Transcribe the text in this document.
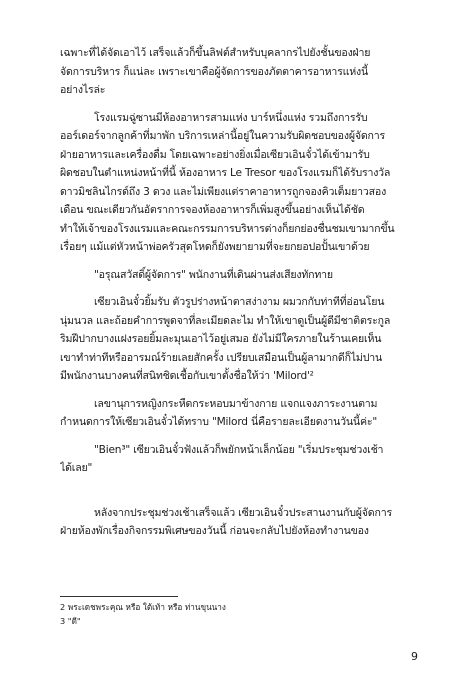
เฉพาะที่ได้จัดเอาไว้ เสร็จแล้วก็ขึ้นลิฟต์สำหรับบุคลากรไปยังชั้นของฝ่าย
จัดการบริหาร ก็แน่ละ เพราะเขาคือผู้จัดการของภัตตาคารอาหารแห่งนี้
อย่างไรล่ะ
โรงแรมฉู่ซานมีห้องอาหารสามแห่ง บาร์หนึ่งแห่ง รวมถึงการรับ
ออร์เดอร์จากลูกค้าที่มาพัก บริการเหล่านี้อยู่ในความรับผิดชอบของผู้จัดการ
ฝ่ายอาหารและเครื่องดื่ม โดยเฉพาะอย่างยิ่งเมื่อเซียวเอินจั๋วได้เข้ามารับ
ผิดชอบในตำแหน่งหน้าที่นี้ ห้องอาหาร Le Tresor ของโรงแรมก็ได้รับรางวัล
ดาวมิชลินไกรด์ถึง 3 ดวง และไม่เพียงแต่ราคาอาหารถูกจองคิวเต็มยาวสอง
เดือน ขณะเดียวกันอัตราการจองห้องอาหารก็เพิ่มสูงขึ้นอย่างเห็นได้ชัด
ทำให้เจ้าของโรงแรมและคณะกรรมการบริหารต่างก็ยกย่องชื่นชมเขามากขึ้น
เรื่อยๆ แม้แต่หัวหน้าพ่อครัวสุดโหดก็ยังพยายามที่จะยกยอปอปั้นเขาด้วย
"อรุณสวัสดิ์ผู้จัดการ" พนักงานที่เดินผ่านส่งเสียงทักทาย
เซียวเอินจั๋วยิ้มรับ ตัวรูปร่างหน้าตาสง่างาม ผมวกกับท่าทีที่อ่อนโยน
นุ่มนวล และถ้อยคำการพูดจาที่ละเมียดละไม ทำให้เขาดูเป็นผู้ดีมีชาติตระกูล
ริมฝีปากบางแฝงรอยยิ้มละมุนเอาไว้อยู่เสมอ ยังไม่มีใครภายในร้านเคยเห็น
เขาทำท่าทีหรืออารมณ์ร้ายเลยสักครั้ง เปรียบเสมือนเป็นผู้ลามากดีก็ไม่ปาน
มีพนักงานบางคนที่สนิทชิดเชื้อกับเขาตั้งชื่อให้ว่า 'Milord'²
เลขานุการหญิงกระหืดกระหอบมาข้างกาย แจกแจงภาระงานตาม
กำหนดการให้เซียวเอินจั๋วได้ทราบ "Milord นี่คือรายละเอียดงานวันนี้ค่ะ"
"Bien³" เซียวเอินจั๋วฟังแล้วก็พยักหน้าเล็กน้อย "เริ่มประชุมช่วงเช้า
ได้เลย"
หลังจากประชุมช่วงเช้าเสร็จแล้ว เซียวเอินจั๋วประสานงานกับผู้จัดการ
ฝ่ายห้องพักเรื่องกิจกรรมพิเศษของวันนี้ ก่อนจะกลับไปยังห้องทำงานของ
2 พระเดชพระคุณ หรือ ใต้เท้า หรือ ท่านขุนนาง
3 "ดี"
9
